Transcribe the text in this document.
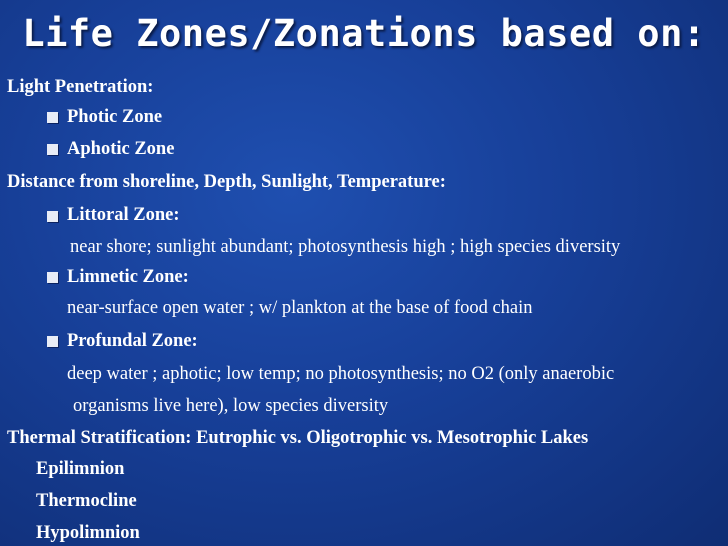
Life Zones/Zonations based on:
Light Penetration:
Photic Zone
Aphotic Zone
Distance from shoreline, Depth, Sunlight, Temperature:
Littoral Zone:
near shore; sunlight abundant; photosynthesis high ; high species diversity
Limnetic Zone:
near-surface open water ; w/ plankton at the base of food chain
Profundal Zone:
deep water ; aphotic; low temp; no photosynthesis; no O2 (only anaerobic
organisms live here), low species diversity
Thermal Stratification: Eutrophic vs. Oligotrophic vs. Mesotrophic Lakes
Epilimnion
Thermocline
Hypolimnion
